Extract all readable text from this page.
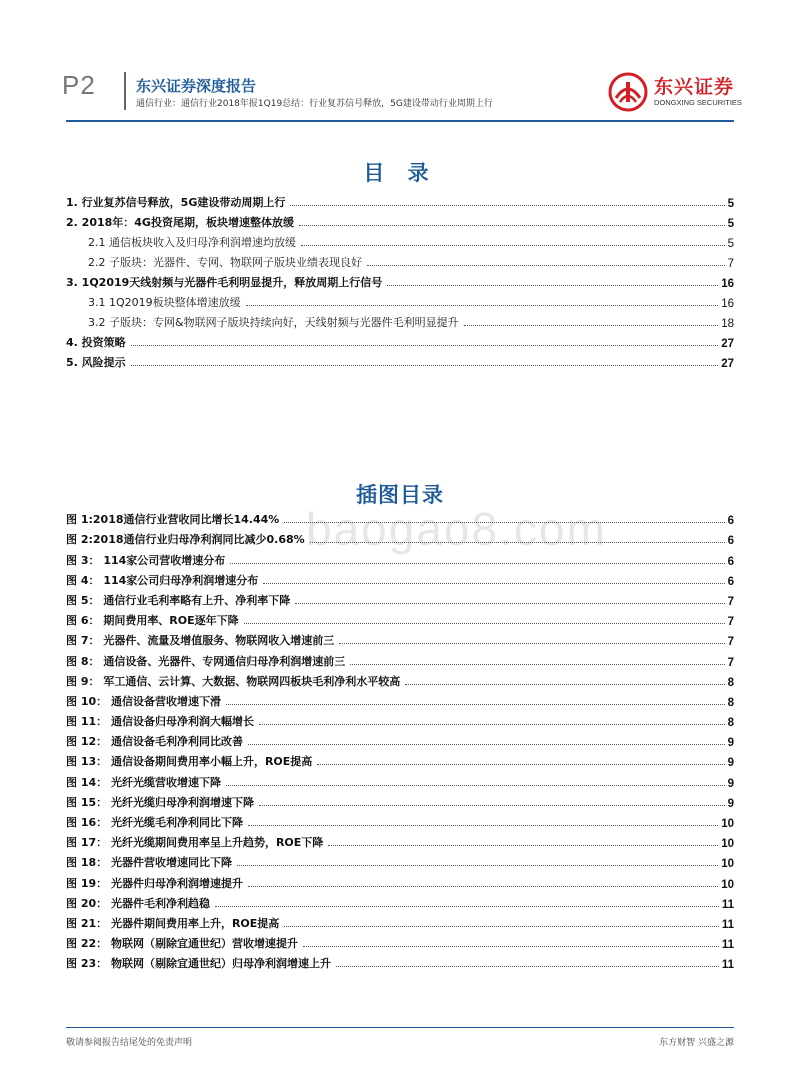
P2	东兴证券深度报告
通信行业：通信行业2018年报1Q19总结：行业复苏信号释放，5G建设带动行业周期上行
东兴证券
DONGXING SECURITIES
目 录
1. 行业复苏信号释放，5G建设带动周期上行	5
2. 2018年：4G投资尾期，板块增速整体放缓	5
2.1 通信板块收入及归母净利润增速均放缓	5
2.2 子版块：光器件、专网、物联网子版块业绩表现良好	7
3. 1Q2019天线射频与光器件毛利明显提升，释放周期上行信号	16
3.1 1Q2019板块整体增速放缓	16
3.2 子版块：专网&物联网子版块持续向好，天线射频与光器件毛利明显提升	18
4. 投资策略	27
5. 风险提示	27
baogao8.com
插图目录
图 1:2018通信行业营收同比增长14.44%	6
图 2:2018通信行业归母净利润同比减少0.68%	6
图 3： 114家公司营收增速分布	6
图 4： 114家公司归母净利润增速分布	6
图 5： 通信行业毛利率略有上升、净利率下降	7
图 6： 期间费用率、ROE逐年下降	7
图 7： 光器件、流量及增值服务、物联网收入增速前三	7
图 8： 通信设备、光器件、专网通信归母净利润增速前三	7
图 9： 军工通信、云计算、大数据、物联网四板块毛利净利水平较高	8
图 10： 通信设备营收增速下滑	8
图 11： 通信设备归母净利润大幅增长	8
图 12： 通信设备毛利净利同比改善	9
图 13： 通信设备期间费用率小幅上升，ROE提高	9
图 14： 光纤光缆营收增速下降	9
图 15： 光纤光缆归母净利润增速下降	9
图 16： 光纤光缆毛利净利同比下降	10
图 17： 光纤光缆期间费用率呈上升趋势，ROE下降	10
图 18： 光器件营收增速同比下降	10
图 19： 光器件归母净利润增速提升	10
图 20： 光器件毛利净利趋稳	11
图 21： 光器件期间费用率上升，ROE提高	11
图 22： 物联网（剔除宜通世纪）营收增速提升	11
图 23： 物联网（剔除宜通世纪）归母净利润增速上升	11
敬请参阅报告结尾处的免责声明	东方财智 兴盛之源
